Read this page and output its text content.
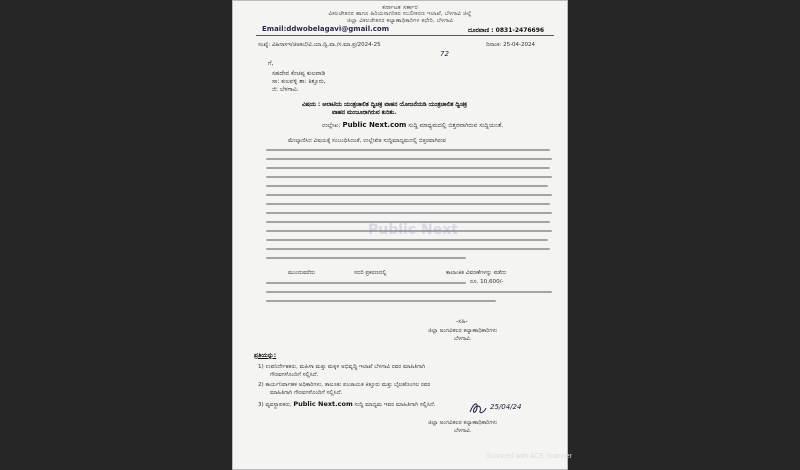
ಕರ್ನಾಟಕ ಸರ್ಕಾರ
ವಿಕಲಚೇತನರ ಹಾಗೂ ಹಿರಿಯನಾಗರಿಕರ ಸಬಲೀಕರಣ ಇಲಾಖೆ, ಬೆಳಗಾವಿ ಜಿಲ್ಲೆ
ಜಿಲ್ಲಾ ವಿಕಲಚೇತನರ ಕಲ್ಯಾಣಾಧಿಕಾರಿಗಳ ಕಛೇರಿ, ಬೆಳಗಾವಿ
Email:ddwobelagavi@gmail.com	ದೂರವಾಣಿ : 0831-2476696
ಸಂಖ್ಯೆ: ವಿಹಿನಾಸಇ/ಜಿಅಕಬೆ/ವಿ.ಯಾ.ದ್ವಿ.ವಾ./ಸ.ಮಾ.ಪ್ರ/2024-25	ದಿನಾಂಕ: 25-04-2024
72
ಗೆ,
ಸಹದೇವ ಕೆಂಚಪ್ಪ ಕುಲವಾಡಿ
ಸಾ: ಕುಲವಳ್ಳಿ ತಾ: ಕಿತ್ತೂರು,
ಜಿ: ಬೆಳಗಾವಿ.
ವಿಷಯ : ಅಲಾಟಿಯ ಯಂತ್ರಚಾಲಿತ ದ್ವಿಚಕ್ರ ವಾಹನ ಯೋಜನೆಯಡಿ ಯಂತ್ರಚಾಲಿತ ದ್ವಿಚಕ್ರ
ವಾಹನ ಮಂಜೂರಾಗಿರುವ ಕುರಿತು.
ಉಲ್ಲೇಖ: Public Next.com ಸುದ್ದಿ ಮಾಧ್ಯಮದಲ್ಲಿ ಬಿತ್ತರವಾಗಿರುವ ಸುದ್ದಿಯಂತೆ.
ಮೇಲ್ಕಾಣಿಸಿದ ವಿಷಯಕ್ಕೆ ಸಂಬಂಧಿಸಿದಂತೆ, ಉಲ್ಲೇಖಿತ ಸುದ್ದಿಮಾಧ್ಯಮದಲ್ಲಿ ಬಿತ್ತರವಾಗಿರುವ
Public Next
ಮುಂದುವರೆದು	ಸದರಿ ಪ್ರಕರಣದಲ್ಲಿ	ಕಾಲಾಂಕಿತ ವಿವರಣೆಗಳನ್ನು ಪಡೆದು
ರೂ. 10,600/-
-ಸಹಿ-
ಜಿಲ್ಲಾ ಅಂಗವಿಕಲರ ಕಲ್ಯಾಣಾಧಿಕಾರಿಗಳು
ಬೆಳಗಾವಿ.
ಪ್ರತಿಯನ್ನು:
1) ಉಪನಿರ್ದೇಶಕರು, ಮಹಿಳಾ ಮತ್ತು ಮಕ್ಕಳ ಅಭಿವೃದ್ಧಿ ಇಲಾಖೆ ಬೆಳಗಾವಿ ರವರ ಮಾಹಿತಿಗಾಗಿ
ಗೌರವಗಳೊಂದಿಗೆ ಸಲ್ಲಿಸಿದೆ.
2) ಕಾರ್ಯನಿರ್ವಾಹಕ ಅಧಿಕಾರಿಗಳು, ತಾಲೂಕು ಪಂಚಾಯತ ಕಿತ್ತೂರು ಮತ್ತು ಬೈಲಹೊಂಗಲ ರವರ
ಮಾಹಿತಿಗಾಗಿ ಗೌರವಗಳೊಂದಿಗೆ ಸಲ್ಲಿಸಿದೆ.
3) ವ್ಯವಸ್ಥಾಪಕರು, Public Next.com ಸುದ್ದಿ ಮಾಧ್ಯಮ ಇವರ ಮಾಹಿತಿಗಾಗಿ ಸಲ್ಲಿಸಿದೆ.	25/04/24
ಜಿಲ್ಲಾ ಅಂಗವಿಕಲರ ಕಲ್ಯಾಣಾಧಿಕಾರಿಗಳು
ಬೆಳಗಾವಿ.
Scanned with ACE Scanner
